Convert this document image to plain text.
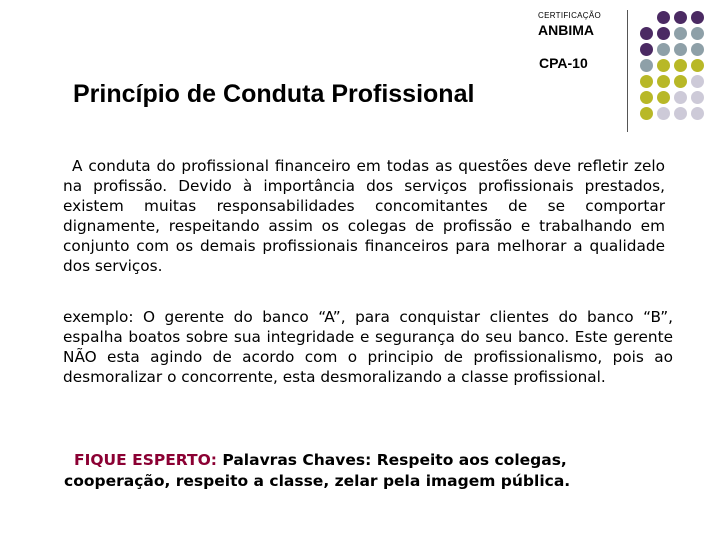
CERTIFICAÇÃO
ANBIMA
CPA-10
Princípio de Conduta Profissional
A conduta do profissional financeiro em todas as questões deve refletir zelo na profissão. Devido à importância dos serviços profissionais prestados, existem muitas responsabilidades concomitantes de se comportar dignamente, respeitando assim os colegas de profissão e trabalhando em conjunto com os demais profissionais financeiros para melhorar a qualidade dos serviços.
exemplo: O gerente do banco “A”, para conquistar clientes do banco “B”, espalha boatos sobre sua integridade e segurança do seu banco. Este gerente NÃO esta agindo de acordo com o principio de profissionalismo, pois ao desmoralizar o concorrente, esta desmoralizando a classe profissional.
FIQUE ESPERTO: Palavras Chaves: Respeito aos colegas, cooperação, respeito a classe, zelar pela imagem pública.
